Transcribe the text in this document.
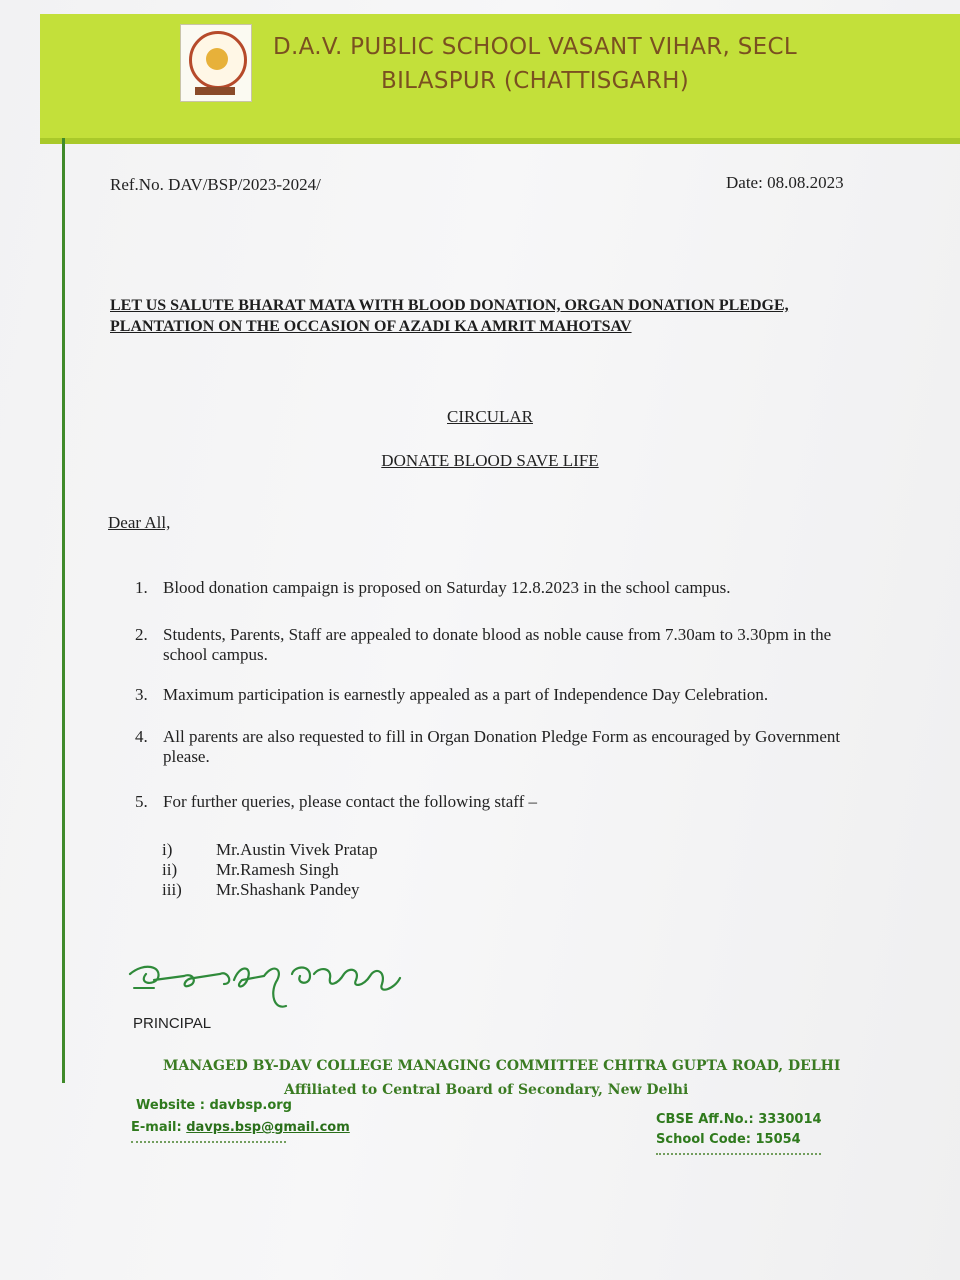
D.A.V. PUBLIC SCHOOL VASANT VIHAR, SECL
BILASPUR (CHATTISGARH)
Ref.No. DAV/BSP/2023-2024/	Date: 08.08.2023
LET US SALUTE BHARAT MATA WITH BLOOD DONATION, ORGAN DONATION PLEDGE,
PLANTATION ON THE OCCASION OF AZADI KA AMRIT MAHOTSAV
CIRCULAR
DONATE BLOOD SAVE LIFE
Dear All,
1. Blood donation campaign is proposed on Saturday 12.8.2023 in the school campus.
2. Students, Parents, Staff are appealed to donate blood as noble cause from 7.30am to 3.30pm in the school campus.
3. Maximum participation is earnestly appealed as a part of Independence Day Celebration.
4. All parents are also requested to fill in Organ Donation Pledge Form as encouraged by Government please.
5. For further queries, please contact the following staff –
i)	Mr.Austin Vivek Pratap
ii) Mr.Ramesh Singh
iii) Mr.Shashank Pandey
PRINCIPAL
MANAGED BY-DAV COLLEGE MANAGING COMMITTEE CHITRA GUPTA ROAD, DELHI
Affiliated to Central Board of Secondary, New Delhi
Website : davbsp.org
E-mail: davps.bsp@gmail.com
CBSE Aff.No.: 3330014
School Code: 15054
